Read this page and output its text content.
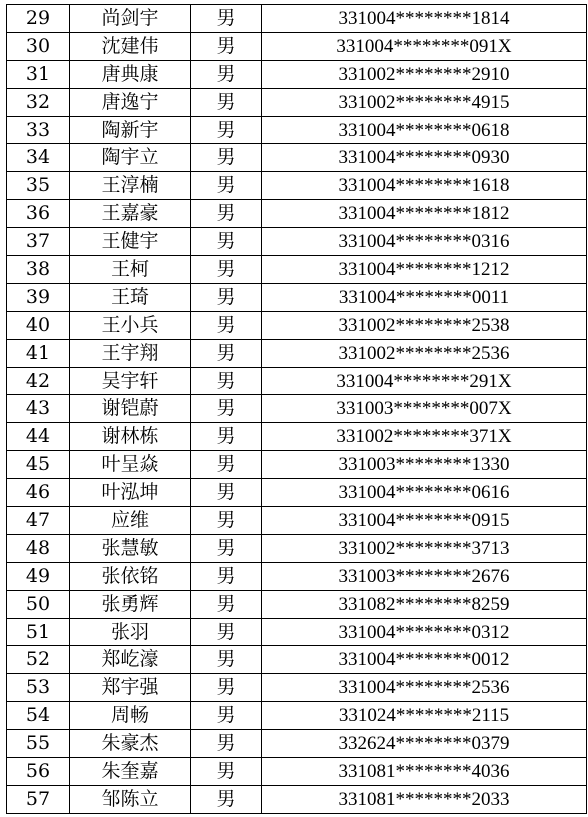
29	尚剑宇	男	331004********1814
30	沈建伟	男	331004********091X
31	唐典康	男	331002********2910
32	唐逸宁	男	331002********4915
33	陶新宇	男	331004********0618
34	陶宇立	男	331004********0930
35	王淳楠	男	331004********1618
36	王嘉豪	男	331004********1812
37	王健宇	男	331004********0316
38	王柯	男	331004********1212
39	王琦	男	331004********0011
40	王小兵	男	331002********2538
41	王宇翔	男	331002********2536
42	吴宇轩	男	331004********291X
43	谢铠蔚	男	331003********007X
44	谢林栋	男	331002********371X
45	叶呈焱	男	331003********1330
46	叶泓坤	男	331004********0616
47	应维	男	331004********0915
48	张慧敏	男	331002********3713
49	张依铭	男	331003********2676
50	张勇辉	男	331082********8259
51	张羽	男	331004********0312
52	郑屹濠	男	331004********0012
53	郑宇强	男	331004********2536
54	周畅	男	331024********2115
55	朱豪杰	男	332624********0379
56	朱奎嘉	男	331081********4036
57	邹陈立	男	331081********2033
